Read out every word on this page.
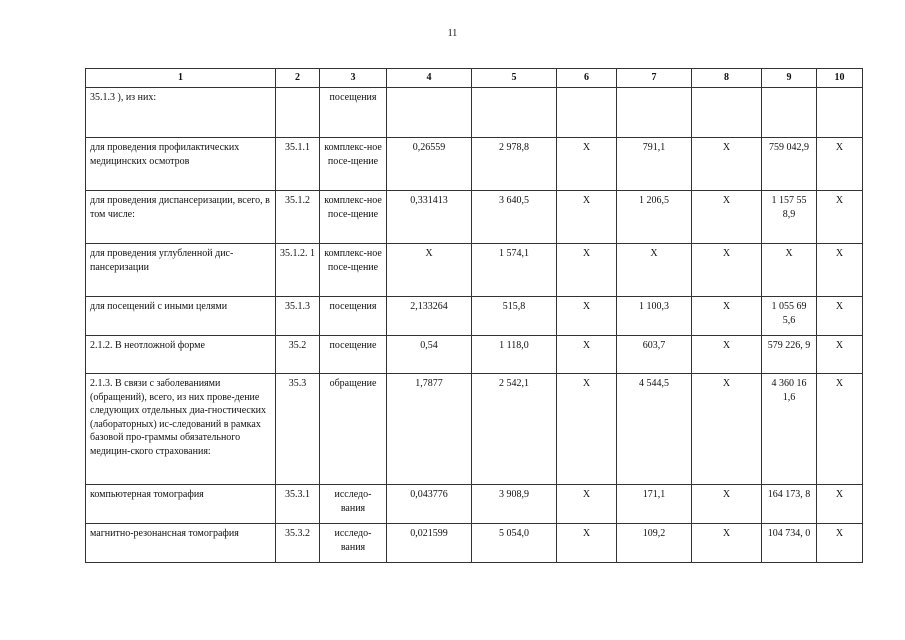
11
1	2	3	4	5	6	7	8	9	10
35.1.3 ), из них:		посещения							
для проведения профилактических медицинских осмотров	35.1.1	комплекс-ное посе-щение	0,26559	2 978,8	X	791,1	X	759 042,9	X
для проведения диспансеризации, всего, в том числе:	35.1.2	комплекс-ное посе-щение	0,331413	3 640,5	X	1 206,5	X	1 157 55 8,9	X
для проведения углубленной дис-пансеризации	35.1.2. 1	комплекс-ное посе-щение	X	1 574,1	X	X	X	X	X
для посещений с иными целями	35.1.3	посещения	2,133264	515,8	X	1 100,3	X	1 055 69 5,6	X
2.1.2. В неотложной форме	35.2	посещение	0,54	1 118,0	X	603,7	X	579 226, 9	X
2.1.3. В связи с заболеваниями (обращений), всего, из них прове-дение следующих отдельных диа-гностических (лабораторных) ис-следований в рамках базовой про-граммы обязательного медицин-ского страхования:	35.3	обращение	1,7877	2 542,1	X	4 544,5	X	4 360 16 1,6	X
компьютерная томография	35.3.1	исследо-вания	0,043776	3 908,9	X	171,1	X	164 173, 8	X
магнитно-резонансная томография	35.3.2	исследо-вания	0,021599	5 054,0	X	109,2	X	104 734, 0	X
